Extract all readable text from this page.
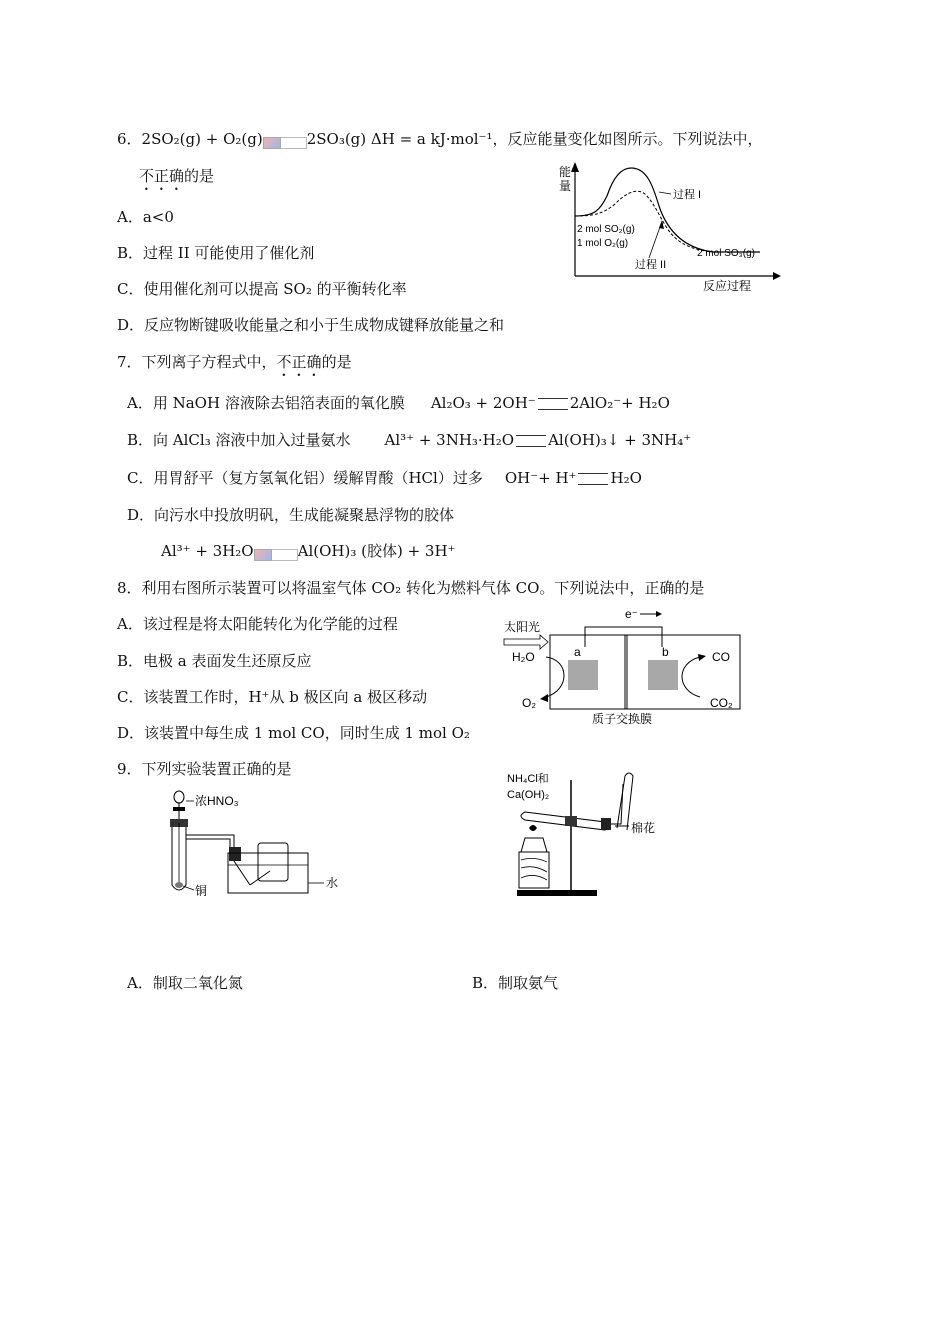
6．2SO₂(g) + O₂(g)	2SO₃(g) ΔH = a kJ·mol⁻¹，反应能量变化如图所示。下列说法中，
不正确的是
A．a<0
B．过程 II 可能使用了催化剂
C．使用催化剂可以提高 SO₂ 的平衡转化率
D．反应物断键吸收能量之和小于生成物成键释放能量之和
能
量
过程 I
2 mol SO₂(g)
1 mol O₂(g)
过程 II
2 mol SO₃(g)
反应过程
7．下列离子方程式中，不正确的是
A．用 NaOH 溶液除去铝箔表面的氧化膜 Al₂O₃ + 2OH⁻ 2AlO₂⁻+ H₂O
B．向 AlCl₃ 溶液中加入过量氨水 Al³⁺ + 3NH₃·H₂O Al(OH)₃↓ + 3NH₄⁺
C．用胃舒平（复方氢氧化铝）缓解胃酸（HCl）过多 OH⁻+ H⁺ H₂O
D．向污水中投放明矾，生成能凝聚悬浮物的胶体
Al³⁺ + 3H₂O	Al(OH)₃ (胶体) + 3H⁺
8．利用右图所示装置可以将温室气体 CO₂ 转化为燃料气体 CO。下列说法中，正确的是
A．该过程是将太阳能转化为化学能的过程
B．电极 a 表面发生还原反应
C．该装置工作时，H⁺从 b 极区向 a 极区移动
D．该装置中每生成 1 mol CO，同时生成 1 mol O₂
e⁻
a	b
太阳光
H₂O
O₂
CO
CO₂
质子交换膜
9．下列实验装置正确的是
浓HNO₃
铜
水
NH₄Cl和
Ca(OH)₂
棉花
A．制取二氧化氮	B．制取氨气
